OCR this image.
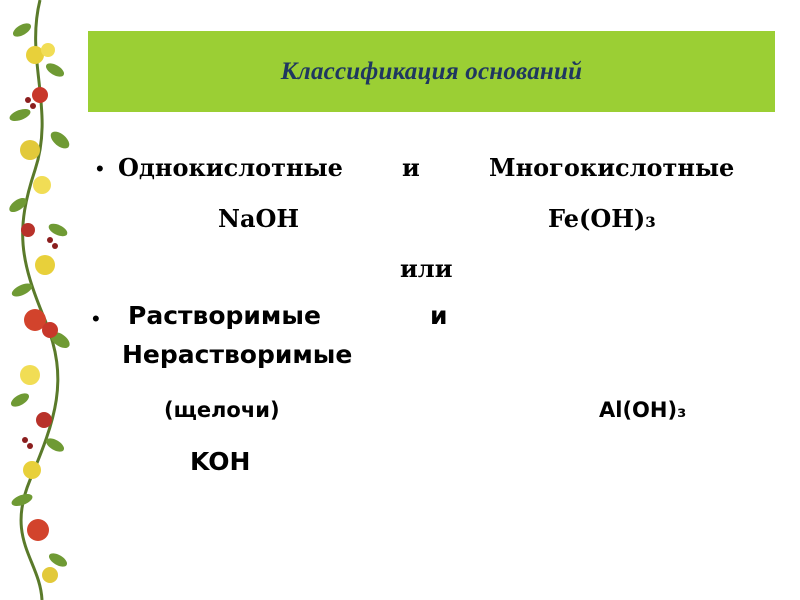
Классификация оснований
• Однокислотные и	Многокислотные
NaOH	Fe(OH)₃
или
• Растворимые	и
Нерастворимые
(щелочи)	Al(OH)₃
KOH
